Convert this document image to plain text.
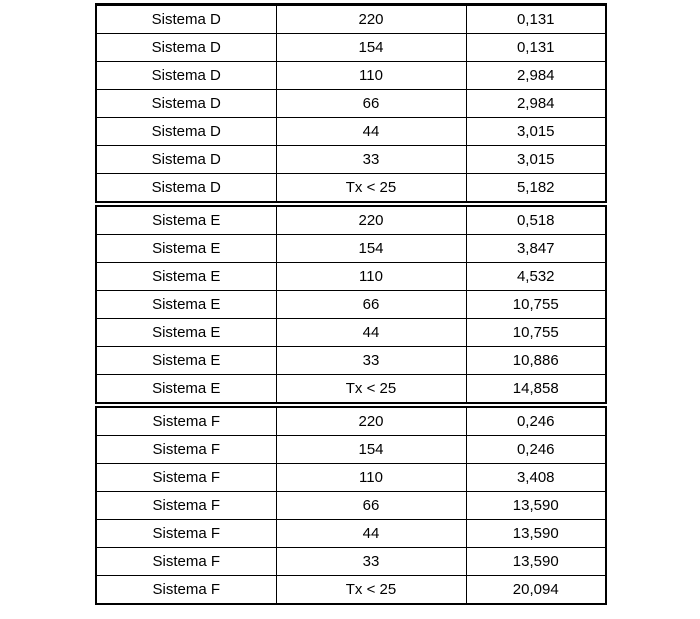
Sistema D	220	0,131
Sistema D	154	0,131
Sistema D	110	2,984
Sistema D	66	2,984
Sistema D	44	3,015
Sistema D	33	3,015
Sistema D	Tx < 25	5,182
Sistema E	220	0,518
Sistema E	154	3,847
Sistema E	110	4,532
Sistema E	66	10,755
Sistema E	44	10,755
Sistema E	33	10,886
Sistema E	Tx < 25	14,858
Sistema F	220	0,246
Sistema F	154	0,246
Sistema F	110	3,408
Sistema F	66	13,590
Sistema F	44	13,590
Sistema F	33	13,590
Sistema F	Tx < 25	20,094
